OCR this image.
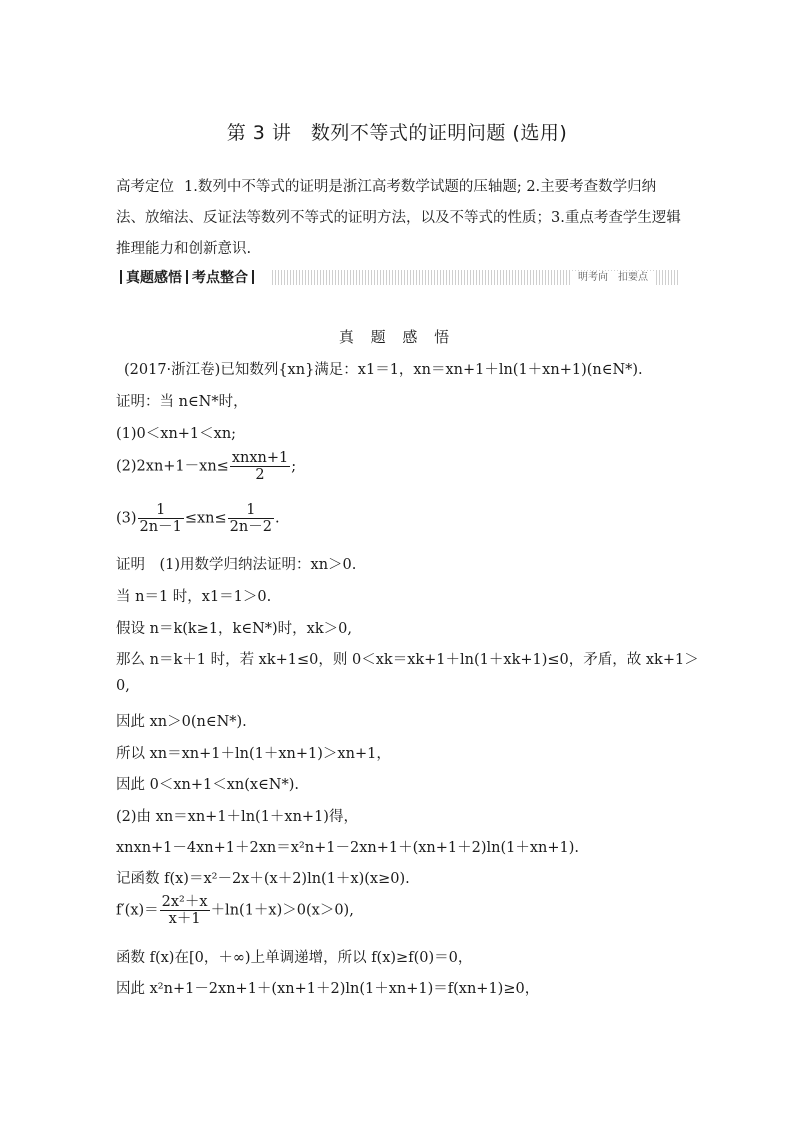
第 3 讲　数列不等式的证明问题 (选用)
高考定位 1.数列中不等式的证明是浙江高考数学试题的压轴题; 2.主要考查数学归纳法、放缩法、反证法等数列不等式的证明方法，以及不等式的性质；3.重点考查学生逻辑推理能力和创新意识.
真题感悟 考点整合	明考向　扣要点
真 题 感 悟
(2017·浙江卷)已知数列{xn}满足：x1＝1，xn＝xn+1＋ln(1＋xn+1)(n∈N*).
证明：当 n∈N*时，
(1)0＜xn+1＜xn;
$(2)2xn+1-xn\le \frac{\text{xnxn+1}}{2}$ ;
$(3) \frac{1}{2n-1} \le xn\le \frac{1}{2n-2}$ .
证明　(1)用数学归纳法证明：xn＞0.
当 n＝1 时，x1＝1＞0.
假设 n＝k(k≥1，k∈N*)时，xk＞0,
那么 n＝k＋1 时，若 xk+1≤0，则 0＜xk＝xk+1＋ln(1＋xk+1)≤0，矛盾，故 xk+1＞
0,
因此 xn＞0(n∈N*).
所以 xn＝xn+1＋ln(1＋xn+1)＞xn+1，
因此 0＜xn+1＜xn(x∈N*).
(2)由 xn＝xn+1＋ln(1＋xn+1)得，
xnxn+1－4xn+1＋2xn＝x²n+1－2xn+1＋(xn+1＋2)ln(1＋xn+1).
记函数 f(x)＝x²－2x＋(x＋2)ln(1＋x)(x≥0).
$f'(x)= \frac{\text{2x²＋x}}{x+1} +\ln(1+x)>0(x>0)$,
函数 f(x)在[0，＋∞)上单调递增，所以 f(x)≥f(0)＝0，
因此 x²n+1－2xn+1＋(xn+1＋2)ln(1＋xn+1)＝f(xn+1)≥0，
